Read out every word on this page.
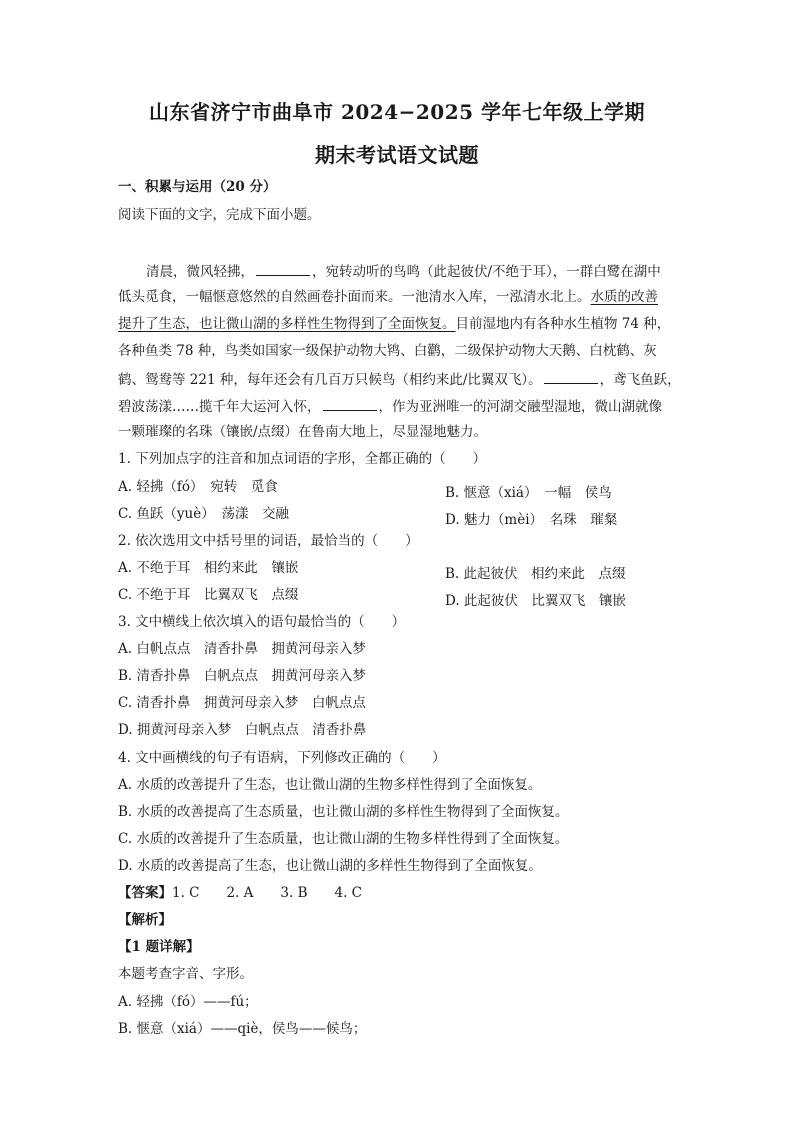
山东省济宁市曲阜市 2024−2025 学年七年级上学期
期末考试语文试题
一、积累与运用（20 分）
阅读下面的文字，完成下面小题。
清晨，微风轻拂，	，宛转动听的鸟鸣（此起彼伏/不绝于耳），一群白鹭在湖中
低头觅食，一幅惬意悠然的自然画卷扑面而来。一池清水入库，一泓清水北上。水质的改善
提升了生态，也让微山湖的多样性生物得到了全面恢复。目前湿地内有各种水生植物 74 种，
各种鱼类 78 种，鸟类如国家一级保护动物大鸨、白鹳，二级保护动物大天鹅、白枕鹤、灰
鹤、鸳鸯等 221 种，每年还会有几百万只候鸟（相约来此/比翼双飞）。	，鸢飞鱼跃，
碧波荡漾……揽千年大运河入怀，	，作为亚洲唯一的河湖交融型湿地，微山湖就像
一颗璀璨的名珠（镶嵌/点缀）在鲁南大地上，尽显湿地魅力。
1. 下列加点字的注音和加点词语的字形，全都正确的（　　）
A. 轻拂（fó）　宛转　觅食	B. 惬意（xiá）　一幅　侯鸟
C. 鱼跃（yuè）　荡漾　交融	D. 魅力（mèi）　名珠　璀粲
2. 依次选用文中括号里的词语，最恰当的（　　）
A. 不绝于耳　相约来此　镶嵌	B. 此起彼伏　相约来此　点缀
C. 不绝于耳　比翼双飞　点缀	D. 此起彼伏　比翼双飞　镶嵌
3. 文中横线上依次填入的语句最恰当的（　　）
A. 白帆点点　清香扑鼻　拥黄河母亲入梦
B. 清香扑鼻　白帆点点　拥黄河母亲入梦
C. 清香扑鼻　拥黄河母亲入梦　白帆点点
D. 拥黄河母亲入梦　白帆点点　清香扑鼻
4. 文中画横线的句子有语病，下列修改正确的（　　）
A. 水质的改善提升了生态，也让微山湖的生物多样性得到了全面恢复。
B. 水质的改善提高了生态质量，也让微山湖的多样性生物得到了全面恢复。
C. 水质的改善提升了生态质量，也让微山湖的生物多样性得到了全面恢复。
D. 水质的改善提高了生态，也让微山湖的多样性生物得到了全面恢复。
【答案】1. C　　2. A　　3. B　　4. C
【解析】
【1 题详解】
本题考查字音、字形。
A. 轻拂（fó）——fú；
B. 惬意（xiá）——qiè，侯鸟——候鸟；
